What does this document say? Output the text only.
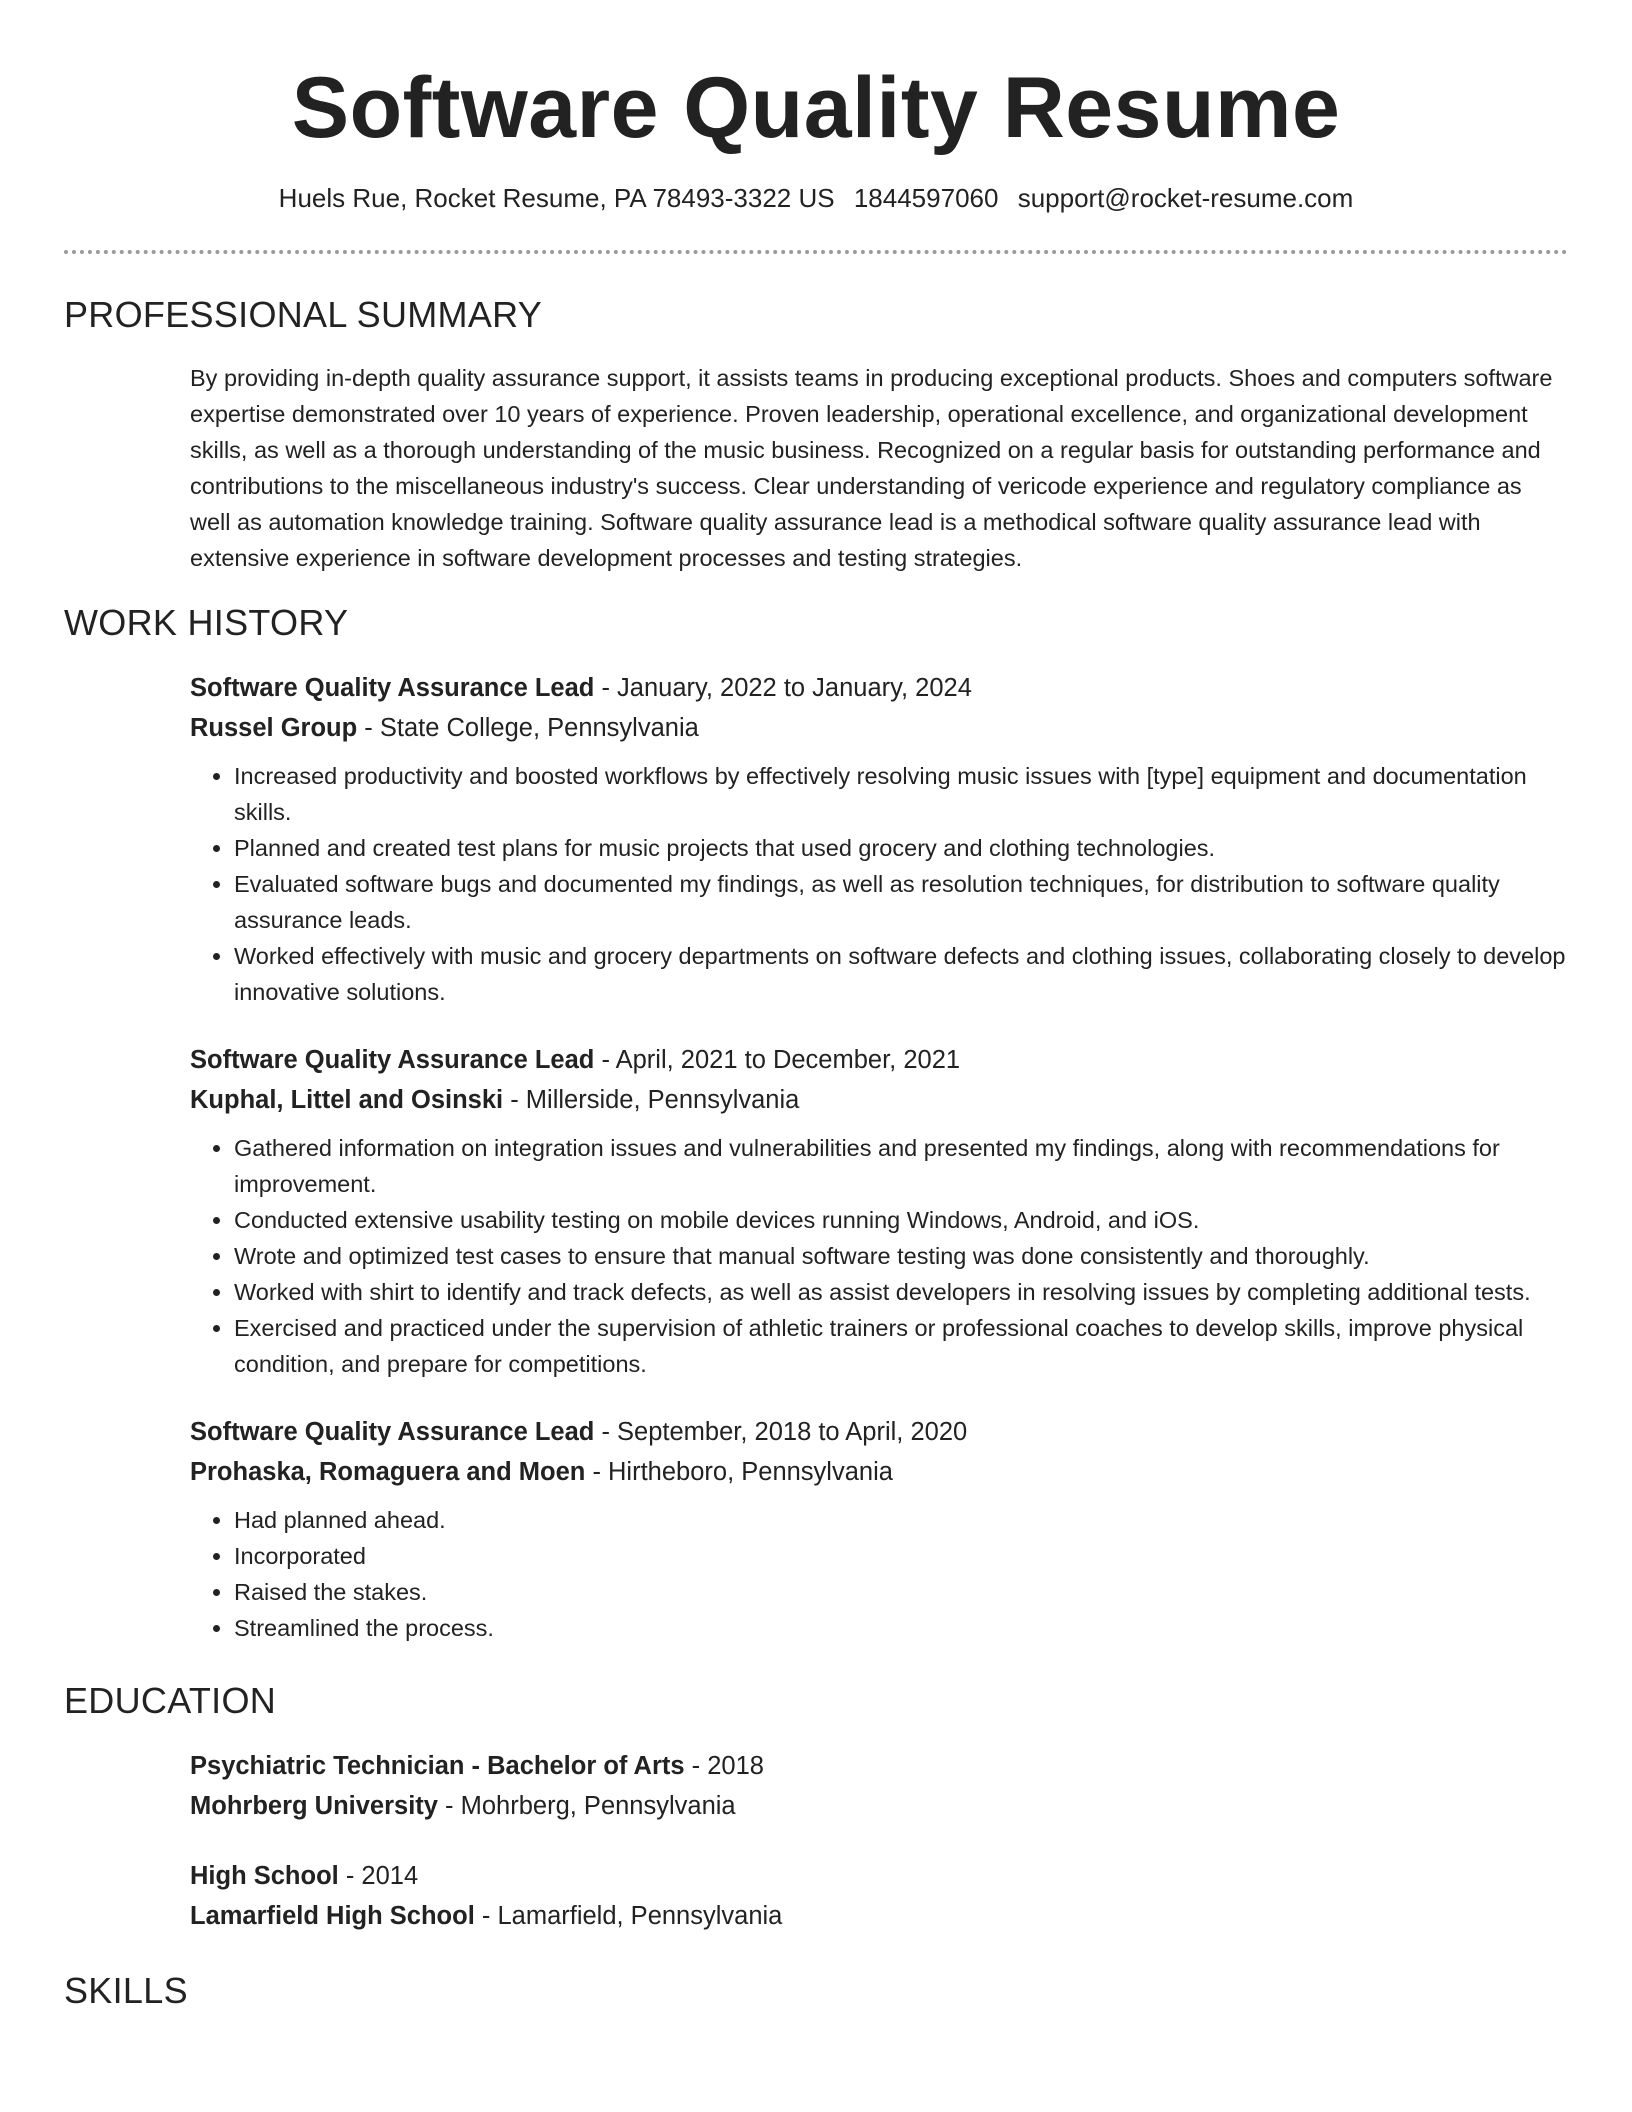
Software Quality Resume
Huels Rue, Rocket Resume, PA 78493-3322 US 1844597060 support@rocket-resume.com
PROFESSIONAL SUMMARY

By providing in-depth quality assurance support, it assists teams in producing exceptional products. Shoes and computers software expertise demonstrated over 10 years of experience. Proven leadership, operational excellence, and organizational development skills, as well as a thorough understanding of the music business. Recognized on a regular basis for outstanding performance and contributions to the miscellaneous industry's success. Clear understanding of vericode experience and regulatory compliance as well as automation knowledge training. Software quality assurance lead is a methodical software quality assurance lead with extensive experience in software development processes and testing strategies.

WORK HISTORY
Software Quality Assurance Lead - January, 2022 to January, 2024
Russel Group - State College, Pennsylvania
• Increased productivity and boosted workflows by effectively resolving music issues with [type] equipment and documentation skills.
• Planned and created test plans for music projects that used grocery and clothing technologies.
• Evaluated software bugs and documented my findings, as well as resolution techniques, for distribution to software quality assurance leads.
• Worked effectively with music and grocery departments on software defects and clothing issues, collaborating closely to develop innovative solutions.
Software Quality Assurance Lead - April, 2021 to December, 2021
Kuphal, Littel and Osinski - Millerside, Pennsylvania
• Gathered information on integration issues and vulnerabilities and presented my findings, along with recommendations for improvement.
• Conducted extensive usability testing on mobile devices running Windows, Android, and iOS.
• Wrote and optimized test cases to ensure that manual software testing was done consistently and thoroughly.
• Worked with shirt to identify and track defects, as well as assist developers in resolving issues by completing additional tests.
• Exercised and practiced under the supervision of athletic trainers or professional coaches to develop skills, improve physical condition, and prepare for competitions.
Software Quality Assurance Lead - September, 2018 to April, 2020
Prohaska, Romaguera and Moen - Hirtheboro, Pennsylvania
• Had planned ahead.
• Incorporated
• Raised the stakes.
• Streamlined the process.
EDUCATION
Psychiatric Technician - Bachelor of Arts - 2018
Mohrberg University - Mohrberg, Pennsylvania
High School - 2014
Lamarfield High School - Lamarfield, Pennsylvania
SKILLS
